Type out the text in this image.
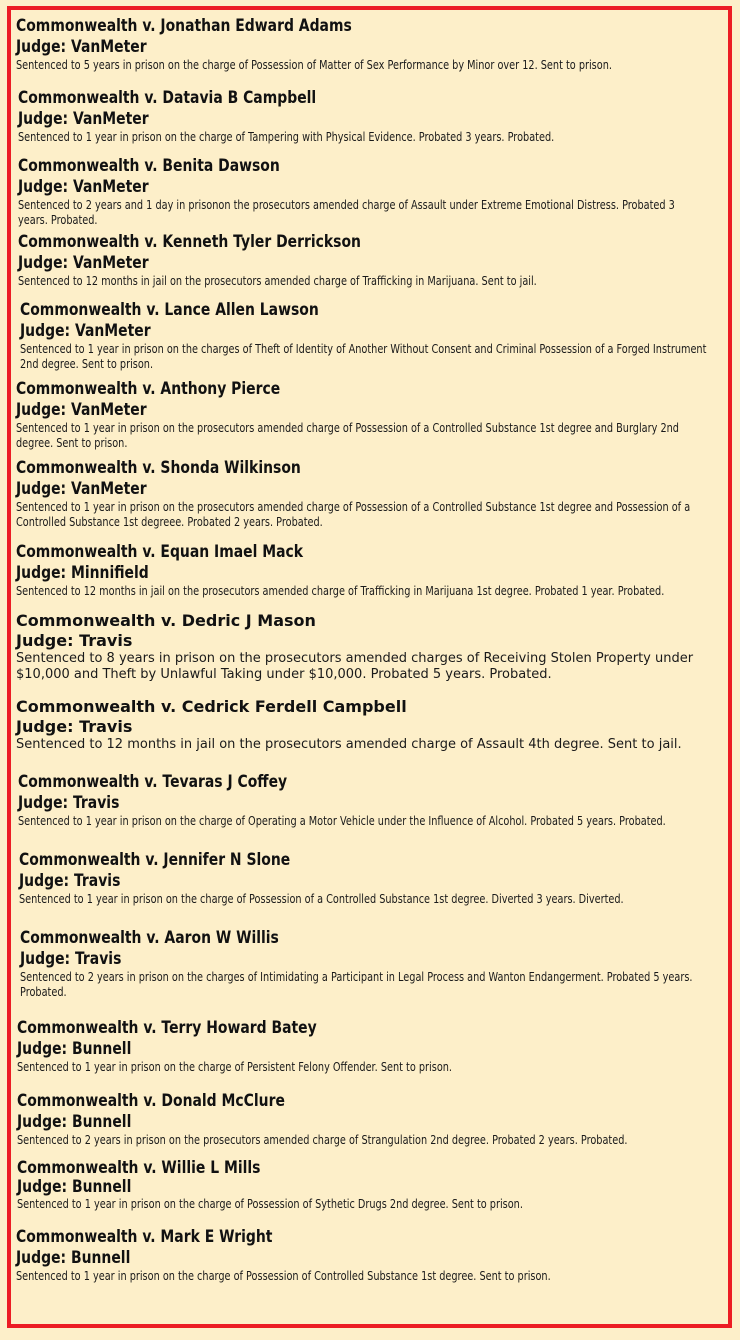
Commonwealth v. Jonathan Edward Adams
Judge: VanMeter
Sentenced to 5 years in prison on the charge of Possession of Matter of Sex Performance by Minor over 12. Sent to prison.
Commonwealth v. Datavia B Campbell
Judge: VanMeter
Sentenced to 1 year in prison on the charge of Tampering with Physical Evidence. Probated 3 years. Probated.
Commonwealth v. Benita Dawson
Judge: VanMeter
Sentenced to 2 years and 1 day in prisonon the prosecutors amended charge of Assault under Extreme Emotional Distress. Probated 3 years. Probated.
Commonwealth v. Kenneth Tyler Derrickson
Judge: VanMeter
Sentenced to 12 months in jail on the prosecutors amended charge of Trafficking in Marijuana. Sent to jail.
Commonwealth v. Lance Allen Lawson
Judge: VanMeter
Sentenced to 1 year in prison on the charges of Theft of Identity of Another Without Consent and Criminal Possession of a Forged Instrument 2nd degree. Sent to prison.
Commonwealth v. Anthony Pierce
Judge: VanMeter
Sentenced to 1 year in prison on the prosecutors amended charge of Possession of a Controlled Substance 1st degree and Burglary 2nd degree. Sent to prison.
Commonwealth v. Shonda Wilkinson
Judge: VanMeter
Sentenced to 1 year in prison on the prosecutors amended charge of Possession of a Controlled Substance 1st degree and Possession of a Controlled Substance 1st degreee. Probated 2 years. Probated.
Commonwealth v. Equan Imael Mack
Judge: Minnifield
Sentenced to 12 months in jail on the prosecutors amended charge of Trafficking in Marijuana 1st degree. Probated 1 year. Probated.
Commonwealth v. Dedric J Mason
Judge: Travis
Sentenced to 8 years in prison on the prosecutors amended charges of Receiving Stolen Property under $10,000 and Theft by Unlawful Taking under $10,000. Probated 5 years. Probated.
Commonwealth v. Cedrick Ferdell Campbell
Judge: Travis
Sentenced to 12 months in jail on the prosecutors amended charge of Assault 4th degree. Sent to jail.
Commonwealth v. Tevaras J Coffey
Judge: Travis
Sentenced to 1 year in prison on the charge of Operating a Motor Vehicle under the Influence of Alcohol. Probated 5 years. Probated.
Commonwealth v. Jennifer N Slone
Judge: Travis
Sentenced to 1 year in prison on the charge of Possession of a Controlled Substance 1st degree. Diverted 3 years. Diverted.
Commonwealth v. Aaron W Willis
Judge: Travis
Sentenced to 2 years in prison on the charges of Intimidating a Participant in Legal Process and Wanton Endangerment. Probated 5 years. Probated.
Commonwealth v. Terry Howard Batey
Judge: Bunnell
Sentenced to 1 year in prison on the charge of Persistent Felony Offender. Sent to prison.
Commonwealth v. Donald McClure
Judge: Bunnell
Sentenced to 2 years in prison on the prosecutors amended charge of Strangulation 2nd degree. Probated 2 years. Probated.
Commonwealth v. Willie L Mills
Judge: Bunnell
Sentenced to 1 year in prison on the charge of Possession of Sythetic Drugs 2nd degree. Sent to prison.
Commonwealth v. Mark E Wright
Judge: Bunnell
Sentenced to 1 year in prison on the charge of Possession of Controlled Substance 1st degree. Sent to prison.
